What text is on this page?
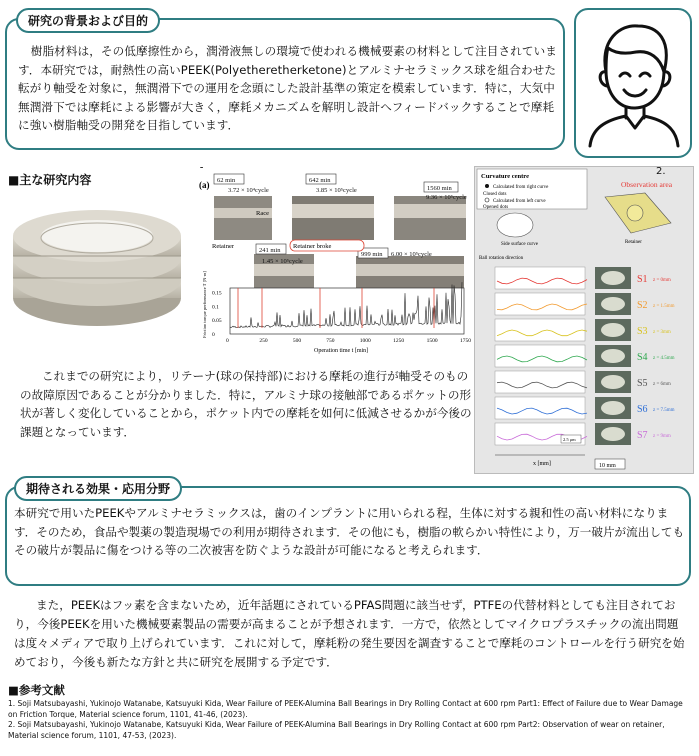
研究の背景および目的
樹脂材料は，その低摩擦性から，潤滑液無しの環境で使われる機械要素の材料として注目されています．本研究では，耐熱性の高いPEEK(Polyetheretherketone)とアルミナセラミックス球を組合わせた転がり軸受を対象に，無潤滑下での運用を念頭にした設計基準の策定を模索しています．特に，大気中無潤滑下では摩耗による影響が大きく，摩耗メカニズムを解明し設計へフィードバックすることで摩耗に強い樹脂軸受の開発を目指しています．
■主な研究内容	(a) 62 min
3.72 × 10⁴cycle
642 min
3.85 × 10⁵cycle	1560 min
9.36 × 10⁵cycle
241 min
1.45 × 10⁵cycle
999 min 6.00 × 10⁵cycle
Race
Retainer	Retainer broke
0	250	500	750	1000	1250	1500	1750
0
0.05
0.1
0.15
Operation time t [min]
Friction torque performance T [N·m]
2.
Curvature centre
Calculated from right curve
Closed dots
Calculated from left curve
Opened dots
Observation area
Retainer
Side surface curve
Ball rotation direction
S1 z = 0mm
S2 z = 1.5mm
S3 z = 3mm
S4 z = 4.5mm
S5 z = 6mm
S6 z = 7.5mm
S7 z = 9mm
x [mm]
2.5 μm
10 mm
これまでの研究により，リテーナ(球の保持部)における摩耗の進行が軸受そのものの故障原因であることが分かりました．特に，アルミナ球の接触部であるポケットの形状が著しく変化していることから，ポケット内での摩耗を如何に低減させるかが今後の課題となっています．
期待される効果・応用分野
本研究で用いたPEEKやアルミナセラミックスは，歯のインプラントに用いられる程，生体に対する親和性の高い材料になります．そのため，食品や製薬の製造現場での利用が期待されます．その他にも，樹脂の軟らかい特性により，万一破片が流出してもその破片が製品に傷をつける等の二次被害を防ぐような設計が可能になると考えられます．
また，PEEKはフッ素を含まないため，近年話題にされているPFAS問題に該当せず，PTFEの代替材料としても注目されており，今後PEEKを用いた機械要素製品の需要が高まることが予想されます．一方で，依然としてマイクロプラスチックの流出問題は度々メディアで取り上げられています．これに対して，摩耗粉の発生要因を調査することで摩耗のコントロールを行う研究を始めており，今後も新たな方針と共に研究を展開する予定です．
■参考文献
1. Soji Matsubayashi, Yukinojo Watanabe, Katsuyuki Kida, Wear Failure of PEEK-Alumina Ball Bearings in Dry Rolling Contact at 600 rpm Part1: Effect of Failure due to Wear Damage on Friction Torque, Material science forum, 1101, 41-46, (2023).
2. Soji Matsubayashi, Yukinojo Watanabe, Katsuyuki Kida, Wear Failure of PEEK-Alumina Ball Bearings in Dry Rolling Contact at 600 rpm Part2: Observation of wear on retainer, Material science forum, 1101, 47-53, (2023).
